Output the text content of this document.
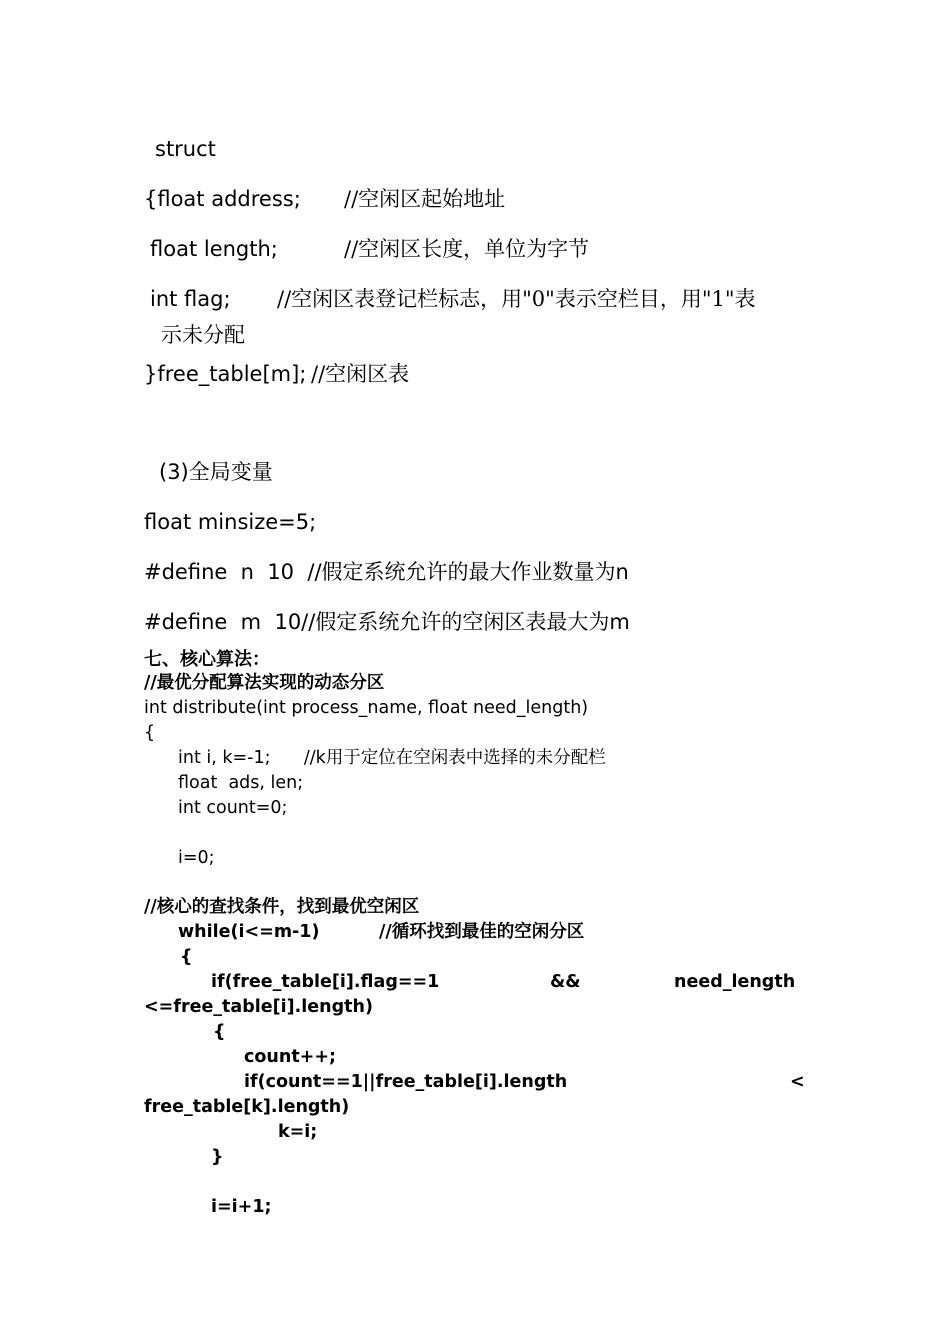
struct
{float address; //空闲区起始地址
float length;	//空闲区长度，单位为字节
int flag; //空闲区表登记栏标志，用"0"表示空栏目，用"1"表
示未分配
}free_table[m]; //空闲区表
(3)全局变量
float minsize=5;
#define  n  10  //假定系统允许的最大作业数量为n
#define  m  10//假定系统允许的空闲区表最大为m
七、核心算法：
//最优分配算法实现的动态分区
int distribute(int process_name, float need_length)
{
int i, k=-1;      //k用于定位在空闲表中选择的未分配栏
float  ads, len;
int count=0;
i=0;
//核心的查找条件，找到最优空闲区
while(i<=m-1)	//循环找到最佳的空闲分区
{
if(free_table[i].flag==1	&&	need_length
<=free_table[i].length)
{
count++;
if(count==1||free_table[i].length	<
free_table[k].length)
k=i;
}
i=i+1;
